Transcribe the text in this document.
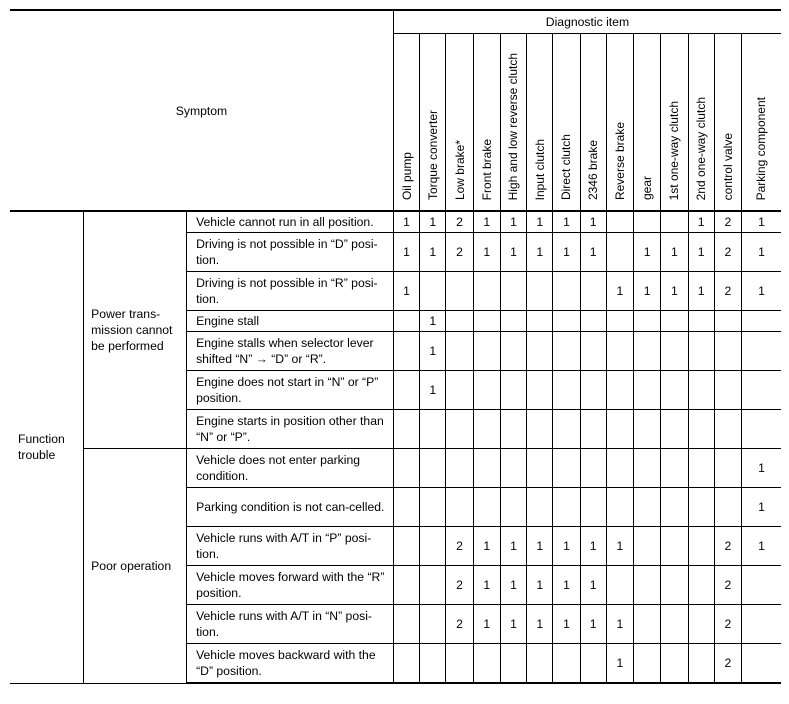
Symptom			Diagnostic item													
			Oil pump	Torque converter	Low brake*	Front brake	High and low reverse clutch	Input clutch	Direct clutch	2346 brake	Reverse brake	gear	1st one-way clutch	2nd one-way clutch	control valve	Parking component

Function trouble	Power trans-mission cannot be performed	Vehicle cannot run in all position.	1	1	2	1	1	1	1	1				1	2	1
		Driving is not possible in “D” posi-tion.	1	1	2	1	1	1	1	1		1	1	1	2	1
		Driving is not possible in “R” posi-tion.	1								1	1	1	1	2	1
		Engine stall		1												
		Engine stalls when selector lever shifted “N” → “D” or “R”.		1												
		Engine does not start in “N” or “P” position.		1												
		Engine starts in position other than “N” or “P”.														

	Poor operation	Vehicle does not enter parking condition.														1
		Parking condition is not can-celled.														1
		Vehicle runs with A/T in “P” posi-tion.			2	1	1	1	1	1	1				2	1
		Vehicle moves forward with the “R” position.			2	1	1	1	1	1					2	
		Vehicle runs with A/T in “N” posi-tion.			2	1	1	1	1	1	1				2	
		Vehicle moves backward with the “D” position.									1				2	
